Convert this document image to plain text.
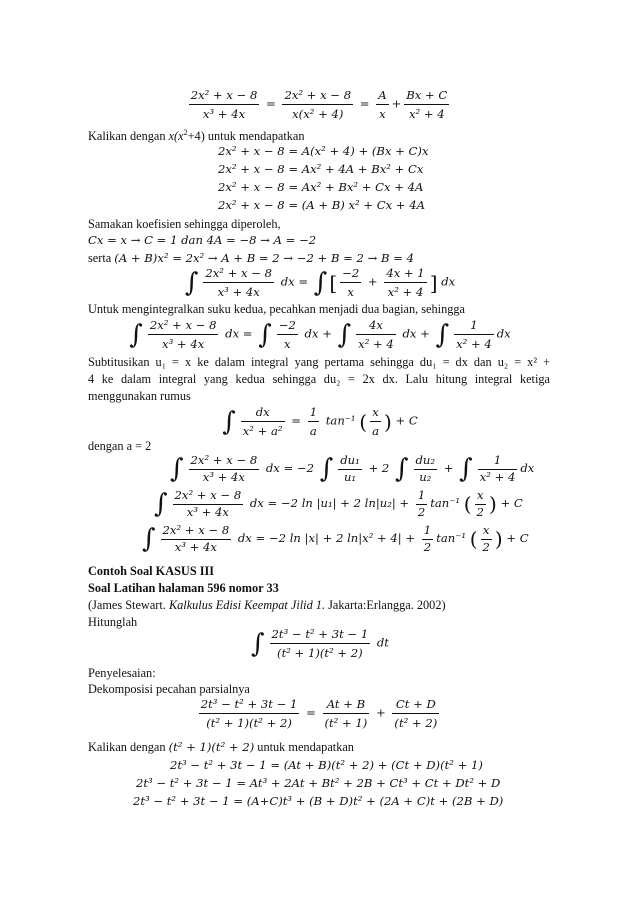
$\frac{\text{2x² + x − 8}}{\text{x³ + 4x}} = \frac{\text{2x² + x − 8}}{\text{x(x² + 4)}} = \frac{A}{x} + \frac{Bx + C}{\text{x² + 4}}$
Kalikan dengan $x(x^2+4)$ untuk mendapatkan
2x² + x − 8 = A(x² + 4) + (Bx + C)x
2x² + x − 8 = Ax² + 4A + Bx² + Cx
2x² + x − 8 = Ax² + Bx² + Cx + 4A
2x² + x − 8 = (A + B) x² + Cx + 4A
Samakan koefisien sehingga diperoleh,
Cx = x → C = 1 dan 4A = −8 → A = −2
serta (A + B)x² = 2x² → A + B = 2 → −2 + B = 2 → B = 4
∫ $\frac{\text{2x² + x − 8}}{\text{x³ + 4x}}$ dx = ∫ [ $\frac{-2}{x} + \frac{4x + 1}{\text{x² + 4}}$ ] dx
Untuk mengintegralkan suku kedua, pecahkan menjadi dua bagian, sehingga
∫ $\frac{\text{2x² + x − 8}}{\text{x³ + 4x}}$ dx = ∫ $\frac{-2}{x}$ dx + ∫ $\frac{4x}{\text{x² + 4}}$ dx + ∫ $\frac{1}{\text{x² + 4}}$ dx
Subtitusikan u₁ = x ke dalam integral yang pertama sehingga du₁ = dx dan u₂ = x² +
4 ke dalam integral yang kedua sehingga du₂ = 2x dx. Lalu hitung integral ketiga
menggunakan rumus
∫ $\frac{dx}{\text{x² + a²}} = \frac{1}{a} \tan^{-1}$ ( $\frac{x}{a}$ ) + C
dengan a = 2
∫ $\frac{\text{2x² + x − 8}}{\text{x³ + 4x}}$ dx = −2 ∫ $\frac{\text{du₁}}{\text{u₁}} + 2$ ∫ $\frac{\text{du₂}}{\text{u₂}}$ + ∫ $\frac{1}{\text{x² + 4}}$ dx
∫ $\frac{\text{2x² + x − 8}}{\text{x³ + 4x}}$ dx = −2 ln |u₁| + 2 $\ln|u_2| + \frac{1}{2} \tan^{-1}$ ( $\frac{x}{2}$ ) + C
∫ $\frac{\text{2x² + x − 8}}{\text{x³ + 4x}}$ dx = −2 ln |x| + 2 $\ln|x^2 + 4| + \frac{1}{2} \tan^{-1}$ ( $\frac{x}{2}$ ) + C
Contoh Soal KASUS III
Soal Latihan halaman 596 nomor 33
(James Stewart. Kalkulus Edisi Keempat Jilid 1. Jakarta:Erlangga. 2002)
Hitunglah
∫ $\frac{\text{2t³ − t² + 3t − 1}}{\text{(t² + 1)(t² + 2)}}$ dt
Penyelesaian:
Dekomposisi pecahan parsialnya
$\frac{\text{2t³ − t² + 3t − 1}}{\text{(t² + 1)(t² + 2)}} = \frac{At + B}{\text{(t² + 1)}} + \frac{Ct + D}{\text{(t² + 2)}}$
Kalikan dengan (t² + 1)(t² + 2) untuk mendapatkan
2t³ − t² + 3t − 1 = (At + B)(t² + 2) + (Ct + D)(t² + 1)
2t³ − t² + 3t − 1 = At³ + 2At + Bt² + 2B + Ct³ + Ct + Dt² + D
2t³ − t² + 3t − 1 = (A+C)t³ + (B + D)t² + (2A + C)t + (2B + D)
